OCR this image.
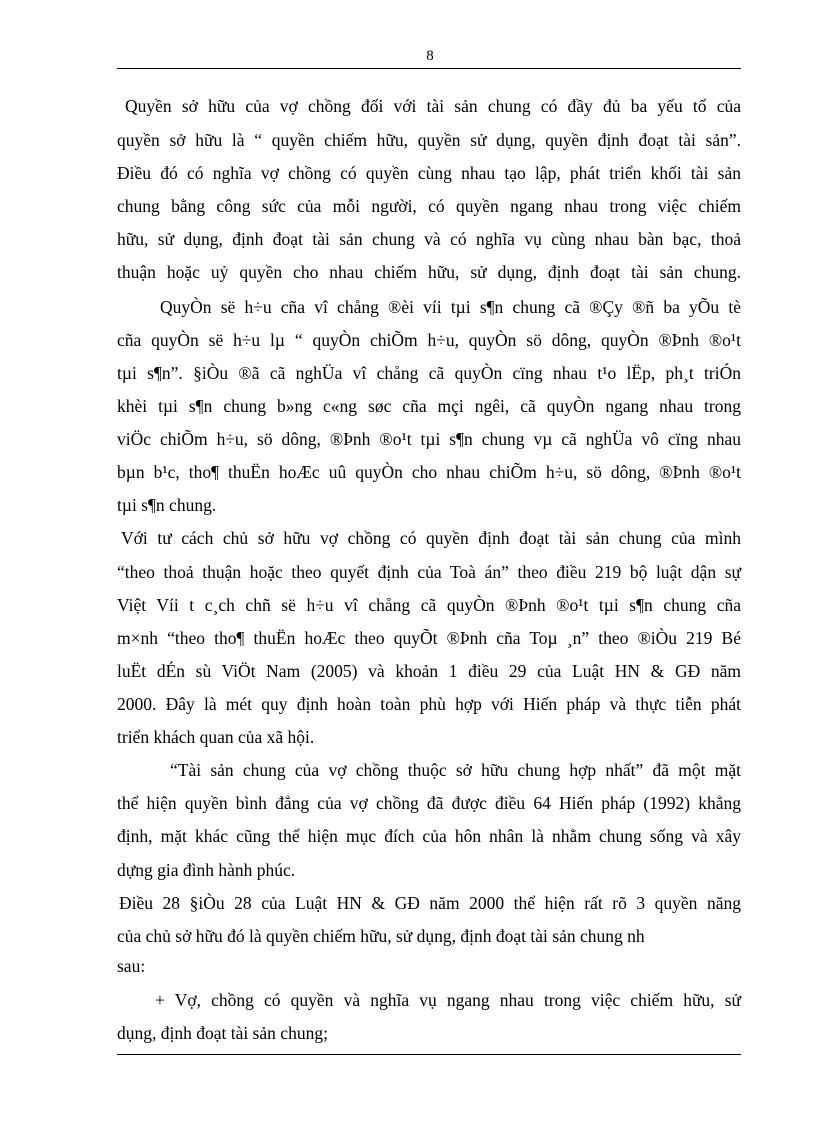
8
Quyền sở hữu của vợ chồng đối với tài sản chung có đầy đủ ba yếu tố của
quyền sở hữu là “ quyền chiếm hữu, quyền sử dụng, quyền định đoạt tài sản”.
Điều đó có nghĩa vợ chồng có quyền cùng nhau tạo lập, phát triển khối tài sản
chung bằng công sức của mỗi người, có quyền ngang nhau trong việc chiếm
hữu, sử dụng, định đoạt tài sản chung và có nghĩa vụ cùng nhau bàn bạc, thoả
thuận hoặc uỷ quyền cho nhau chiếm hữu, sử dụng, định đoạt tài sản chung.
QuyÒn së h÷u cña vî chång ®èi víi tµi s¶n chung cã ®Çy ®ñ ba yÕu tè
cña quyÒn së h÷u lµ “ quyÒn chiÕm h÷u, quyÒn sö dông, quyÒn ®Þnh ®o¹t
tµi s¶n”. §iÒu ®ã cã nghÜa vî chång cã quyÒn cïng nhau t¹o lËp, ph¸t triÓn
khèi tµi s¶n chung b»ng c«ng søc cña mçi ngêi, cã quyÒn ngang nhau trong
viÖc chiÕm h÷u, sö dông, ®Þnh ®o¹t tµi s¶n chung vµ cã nghÜa vô cïng nhau
bµn b¹c, tho¶ thuËn hoÆc uû quyÒn cho nhau chiÕm h÷u, sö dông, ®Þnh ®o¹t
tµi s¶n chung.
Với tư cách chủ sở hữu vợ chồng có quyền định đoạt tài sản chung của mình
“theo thoả thuận hoặc theo quyết định của Toà án” theo điều 219 bộ luật dận sự
Việt Víi t c¸ch chñ së h÷u vî chång cã quyÒn ®Þnh ®o¹t tµi s¶n chung cña
m×nh “theo tho¶ thuËn hoÆc theo quyÕt ®Þnh cña Toµ ¸n” theo ®iÒu 219 Bé
luËt dÉn sù ViÖt Nam (2005) và khoản 1 điều 29 của Luật HN & GĐ năm
2000. Đây là mét quy định hoàn toàn phù hợp với Hiến pháp và thực tiễn phát
triển khách quan của xã hội.
“Tài sản chung của vợ chồng thuộc sở hữu chung hợp nhất” đã một mặt
thể hiện quyền bình đẳng của vợ chồng đã được điều 64 Hiến pháp (1992) khẳng
định, mặt khác cũng thể hiện mục đích của hôn nhân là nhằm chung sống và xây
dựng gia đình hành phúc.
Điều 28 §iÒu 28 của Luật HN & GĐ năm 2000 thể hiện rất rõ 3 quyền năng
của chủ sở hữu đó là quyền chiếm hữu, sử dụng, định đoạt tài sản chung nh
sau:
+ Vợ, chồng có quyền và nghĩa vụ ngang nhau trong việc chiếm hữu, sử
dụng, định đoạt tài sản chung;
